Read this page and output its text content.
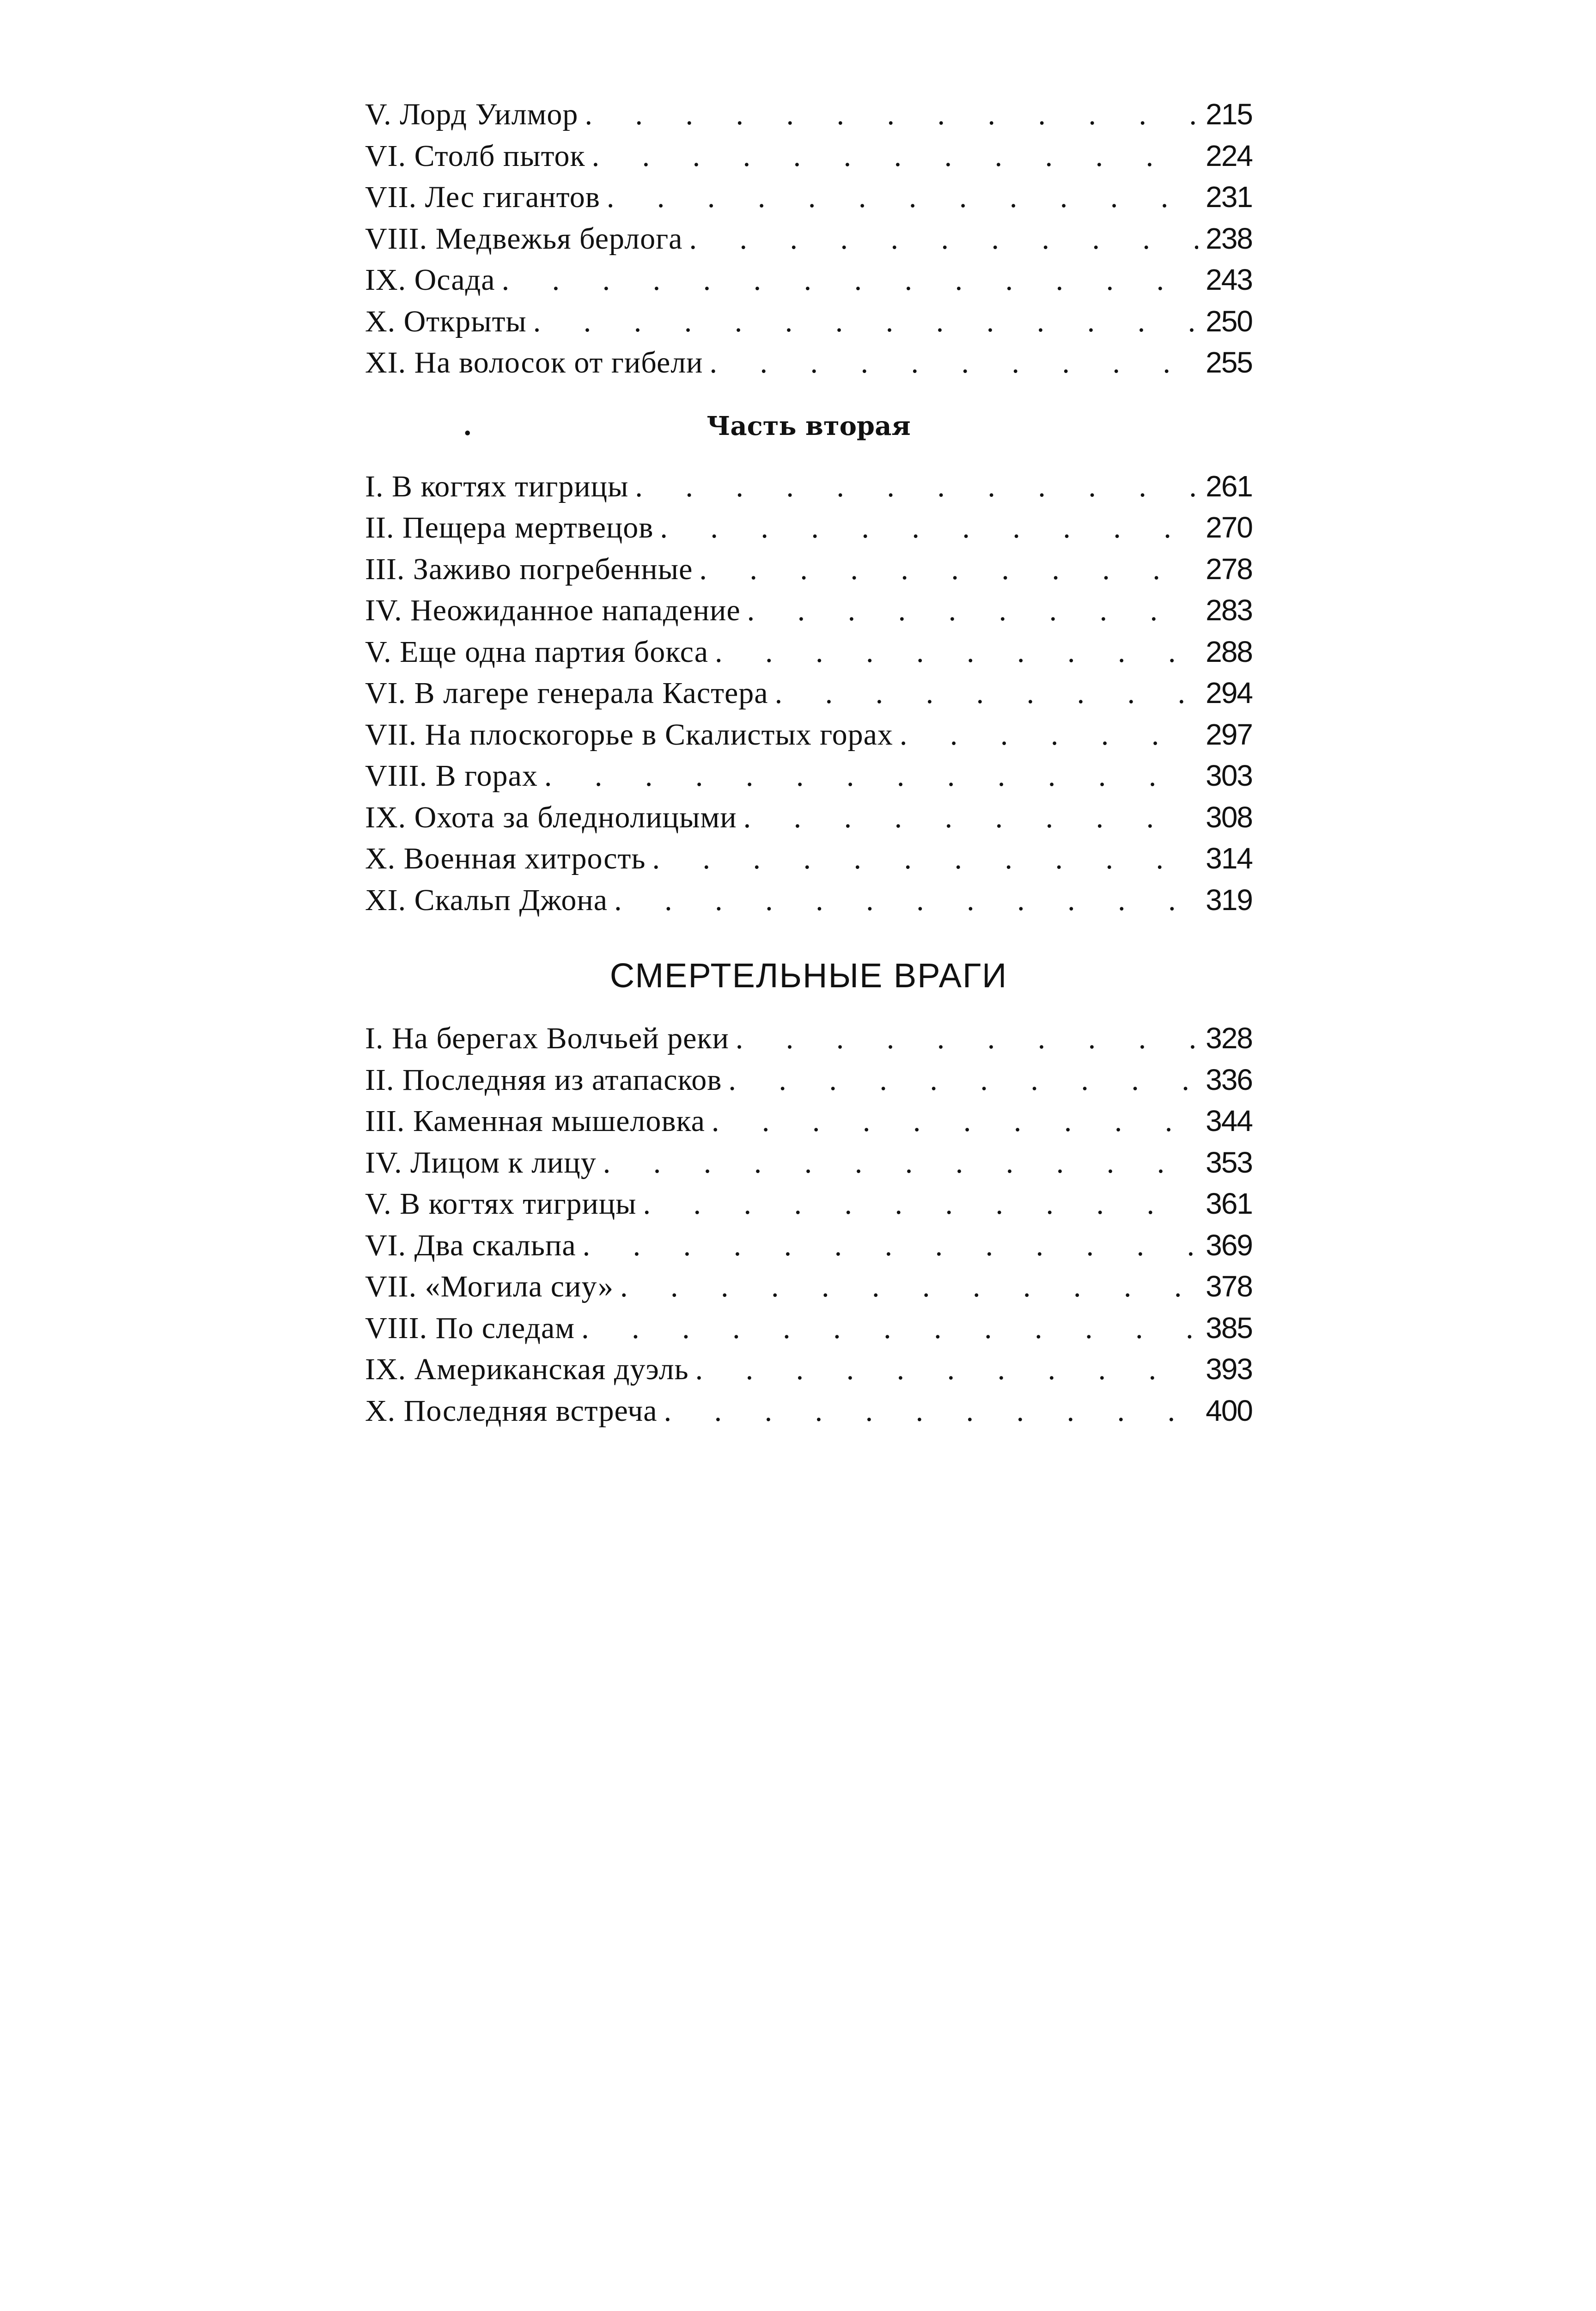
V. Лорд Уилмор . . .	215
VI. Столб пыток . . .	224
VII. Лес гигантов . . .	231
VIII. Медвежья берлога . . .	238
IX. Осада . . .	243
X. Открыты . . .	250
XI. На волосок от гибели . . .	255
.	Часть вторая
I. В когтях тигрицы . . .	261
II. Пещера мертвецов . . .	270
III. Заживо погребенные . . .	278
IV. Неожиданное нападение . . .	283
V. Еще одна партия бокса . . .	288
VI. В лагере генерала Кастера . . .	294
VII. На плоскогорье в Скалистых горах . . .	297
VIII. В горах . . .	303
IX. Охота за бледнолицыми . . .	308
X. Военная хитрость . . .	314
XI. Скальп Джона . . .	319
СМЕРТЕЛЬНЫЕ ВРАГИ
I. На берегах Волчьей реки . . .	328
II. Последняя из атапасков . . .	336
III. Каменная мышеловка . . .	344
IV. Лицом к лицу . . .	353
V. В когтях тигрицы . . .	361
VI. Два скальпа . . .	369
VII. «Могила сиу» . . .	378
VIII. По следам . . .	385
IX. Американская дуэль . . .	393
X. Последняя встреча . . .	400
